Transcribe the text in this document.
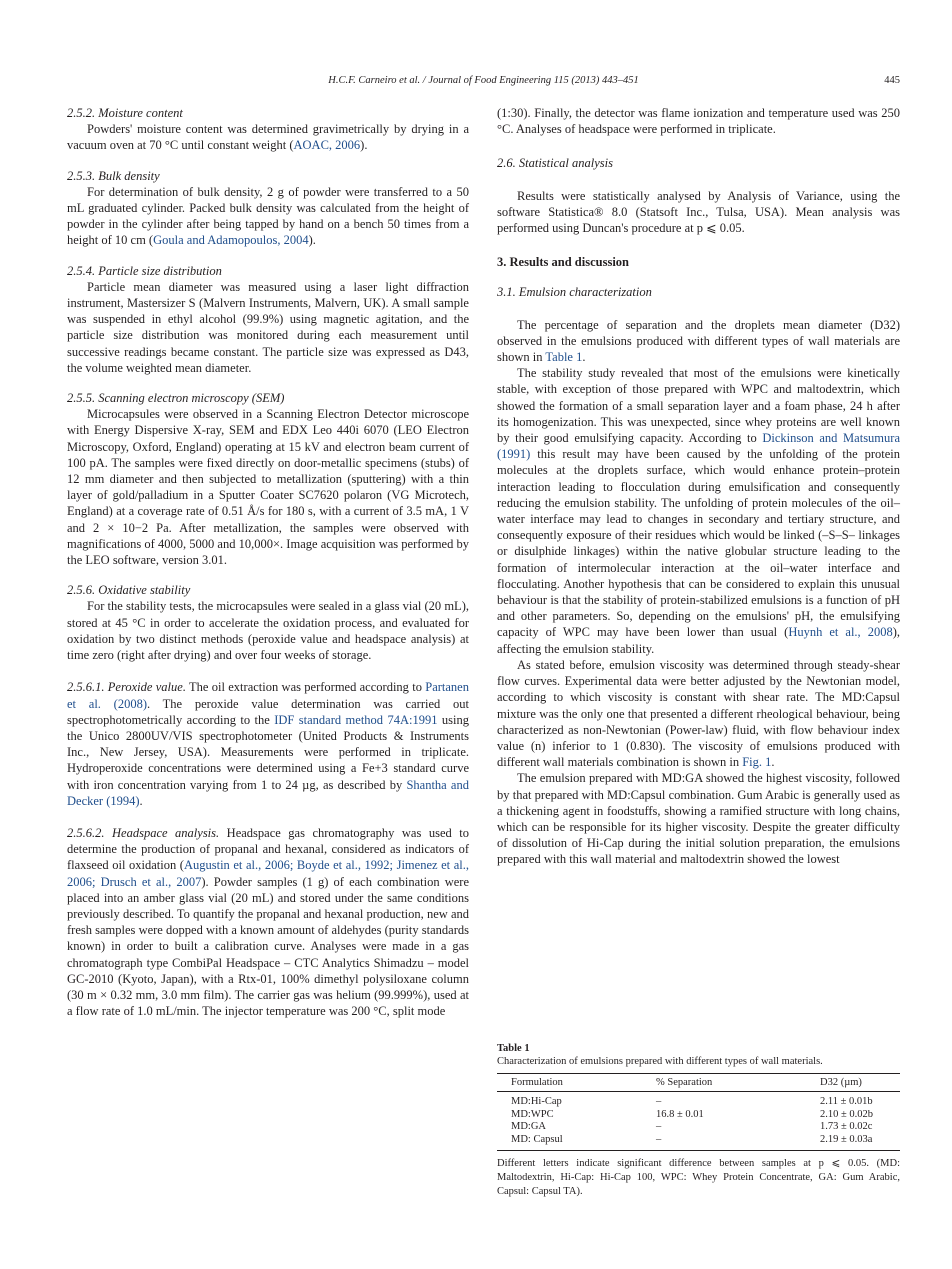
H.C.F. Carneiro et al. / Journal of Food Engineering 115 (2013) 443–451	445
2.5.2. Moisture content

Powders' moisture content was determined gravimetrically by drying in a vacuum oven at 70 °C until constant weight (AOAC, 2006).

2.5.3. Bulk density

For determination of bulk density, 2 g of powder were transferred to a 50 mL graduated cylinder. Packed bulk density was calculated from the height of powder in the cylinder after being tapped by hand on a bench 50 times from a height of 10 cm (Goula and Adamopoulos, 2004).

2.5.4. Particle size distribution

Particle mean diameter was measured using a laser light diffraction instrument, Mastersizer S (Malvern Instruments, Malvern, UK). A small sample was suspended in ethyl alcohol (99.9%) using magnetic agitation, and the particle size distribution was monitored during each measurement until successive readings became constant. The particle size was expressed as D43, the volume weighted mean diameter.

2.5.5. Scanning electron microscopy (SEM)

Microcapsules were observed in a Scanning Electron Detector microscope with Energy Dispersive X-ray, SEM and EDX Leo 440i 6070 (LEO Electron Microscopy, Oxford, England) operating at 15 kV and electron beam current of 100 pA. The samples were fixed directly on door-metallic specimens (stubs) of 12 mm diameter and then subjected to metallization (sputtering) with a thin layer of gold/palladium in a Sputter Coater SC7620 polaron (VG Microtech, England) at a coverage rate of 0.51 Å/s for 180 s, with a current of 3.5 mA, 1 V and 2 × 10−2 Pa. After metallization, the samples were observed with magnifications of 4000, 5000 and 10,000×. Image acquisition was performed by the LEO software, version 3.01.

2.5.6. Oxidative stability

For the stability tests, the microcapsules were sealed in a glass vial (20 mL), stored at 45 °C in order to accelerate the oxidation process, and evaluated for oxidation by two distinct methods (peroxide value and headspace analysis) at time zero (right after drying) and over four weeks of storage.

2.5.6.1. Peroxide value. The oil extraction was performed according to Partanen et al. (2008). The peroxide value determination was carried out spectrophotometrically according to the IDF standard method 74A:1991 using the Unico 2800UV/VIS spectrophotometer (United Products & Instruments Inc., New Jersey, USA). Measurements were performed in triplicate. Hydroperoxide concentrations were determined using a Fe+3 standard curve with iron concentration varying from 1 to 24 µg, as described by Shantha and Decker (1994).

2.5.6.2. Headspace analysis. Headspace gas chromatography was used to determine the production of propanal and hexanal, considered as indicators of flaxseed oil oxidation (Augustin et al., 2006; Boyde et al., 1992; Jimenez et al., 2006; Drusch et al., 2007). Powder samples (1 g) of each combination were placed into an amber glass vial (20 mL) and stored under the same conditions previously described. To quantify the propanal and hexanal production, new and fresh samples were dopped with a known amount of aldehydes (purity standards known) in order to built a calibration curve. Analyses were made in a gas chromatograph type CombiPal Headspace – CTC Analytics Shimadzu – model GC-2010 (Kyoto, Japan), with a Rtx-01, 100% dimethyl polysiloxane column (30 m × 0.32 mm, 3.0 mm film). The carrier gas was helium (99.999%), used at a flow rate of 1.0 mL/min. The injector temperature was 200 °C, split mode

(1:30). Finally, the detector was flame ionization and temperature used was 250 °C. Analyses of headspace were performed in triplicate.

2.6. Statistical analysis

Results were statistically analysed by Analysis of Variance, using the software Statistica® 8.0 (Statsoft Inc., Tulsa, USA). Mean analysis was performed using Duncan's procedure at p ⩽ 0.05.

3. Results and discussion
3.1. Emulsion characterization

The percentage of separation and the droplets mean diameter (D32) observed in the emulsions produced with different types of wall materials are shown in Table 1.

The stability study revealed that most of the emulsions were kinetically stable, with exception of those prepared with WPC and maltodextrin, which showed the formation of a small separation layer and a foam phase, 24 h after its homogenization. This was unexpected, since whey proteins are well known by their good emulsifying capacity. According to Dickinson and Matsumura (1991) this result may have been caused by the unfolding of the protein molecules at the droplets surface, which would enhance protein–protein interaction leading to flocculation during emulsification and consequently reducing the emulsion stability. The unfolding of protein molecules of the oil–water interface may lead to changes in secondary and tertiary structure, and consequently exposure of their residues which would be linked (–S–S– linkages or disulphide linkages) within the native globular structure leading to the formation of intermolecular interaction at the oil–water interface and flocculating. Another hypothesis that can be considered to explain this unusual behaviour is that the stability of protein-stabilized emulsions is a function of pH and other parameters. So, depending on the emulsions' pH, the emulsifying capacity of WPC may have been lower than usual (Huynh et al., 2008), affecting the emulsion stability.

As stated before, emulsion viscosity was determined through steady-shear flow curves. Experimental data were better adjusted by the Newtonian model, according to which viscosity is constant with shear rate. The MD:Capsul mixture was the only one that presented a different rheological behaviour, being characterized as non-Newtonian (Power-law) fluid, with flow behaviour index value (n) inferior to 1 (0.830). The viscosity of emulsions produced with different wall materials combination is shown in Fig. 1.

The emulsion prepared with MD:GA showed the highest viscosity, followed by that prepared with MD:Capsul combination. Gum Arabic is generally used as a thickening agent in foodstuffs, showing a ramified structure with long chains, which can be responsible for its higher viscosity. Despite the greater difficulty of dissolution of Hi-Cap during the initial solution preparation, the emulsions prepared with this wall material and maltodextrin showed the lowest

Table 1
Characterization of emulsions prepared with different types of wall materials.
Formulation	% Separation	D32 (µm)
MD:Hi-Cap	–	2.11 ± 0.01b
MD:WPC	16.8 ± 0.01	2.10 ± 0.02b
MD:GA	–	1.73 ± 0.02c
MD: Capsul	–	2.19 ± 0.03a
Different letters indicate significant difference between samples at p ⩽ 0.05. (MD: Maltodextrin, Hi-Cap: Hi-Cap 100, WPC: Whey Protein Concentrate, GA: Gum Arabic, Capsul: Capsul TA).
